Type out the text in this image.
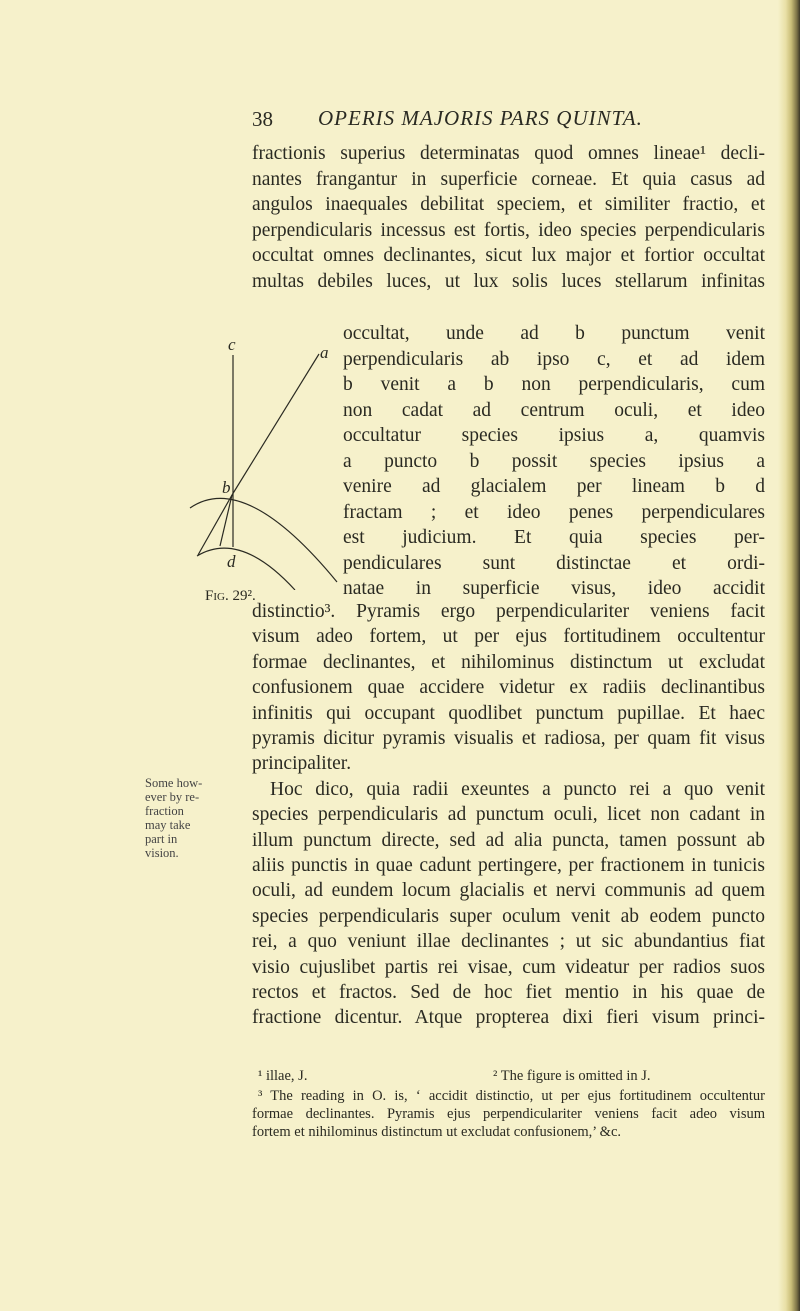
38 OPERIS MAJORIS PARS QUINTA.
fractionis superius determinatas quod omnes lineae¹ decli-
nantes frangantur in superficie corneae. Et quia casus ad
angulos inaequales debilitat speciem, et similiter fractio, et
perpendicularis incessus est fortis, ideo species perpendicularis
occultat omnes declinantes, sicut lux major et fortior occultat
multas debiles luces, ut lux solis luces stellarum infinitas
occultat, unde ad b punctum venit
perpendicularis ab ipso c, et ad idem
b venit a b non perpendicularis, cum
non cadat ad centrum oculi, et ideo
occultatur species ipsius a, quamvis
a puncto b possit species ipsius a
venire ad glacialem per lineam b d
fractam ; et ideo penes perpendiculares
est judicium. Et quia species per-
pendiculares sunt distinctae et ordi-
natae in superficie visus, ideo accidit
distinctio³. Pyramis ergo perpendiculariter veniens facit
visum adeo fortem, ut per ejus fortitudinem occultentur
formae declinantes, et nihilominus distinctum ut excludat
confusionem quae accidere videtur ex radiis declinantibus
infinitis qui occupant quodlibet punctum pupillae. Et haec
pyramis dicitur pyramis visualis et radiosa, per quam fit visus
principaliter.
Hoc dico, quia radii exeuntes a puncto rei a quo venit
species perpendicularis ad punctum oculi, licet non cadant in
illum punctum directe, sed ad alia puncta, tamen possunt ab
aliis punctis in quae cadunt pertingere, per fractionem in tunicis
oculi, ad eundem locum glacialis et nervi communis ad quem
species perpendicularis super oculum venit ab eodem puncto
rei, a quo veniunt illae declinantes ; ut sic abundantius fiat
visio cujuslibet partis rei visae, cum videatur per radios suos
rectos et fractos. Sed de hoc fiet mentio in his quae de
fractione dicentur. Atque propterea dixi fieri visum princi-
Some how-
ever by re-
fraction
may take
part in
vision.
c	a
b
d
Fig. 29².
¹ illae, J.	² The figure is omitted in J.
³ The reading in O. is, ‘ accidit distinctio, ut per ejus fortitudinem occultentur
formae declinantes. Pyramis ejus perpendiculariter veniens facit adeo visum
fortem et nihilominus distinctum ut excludat confusionem,’ &c.
